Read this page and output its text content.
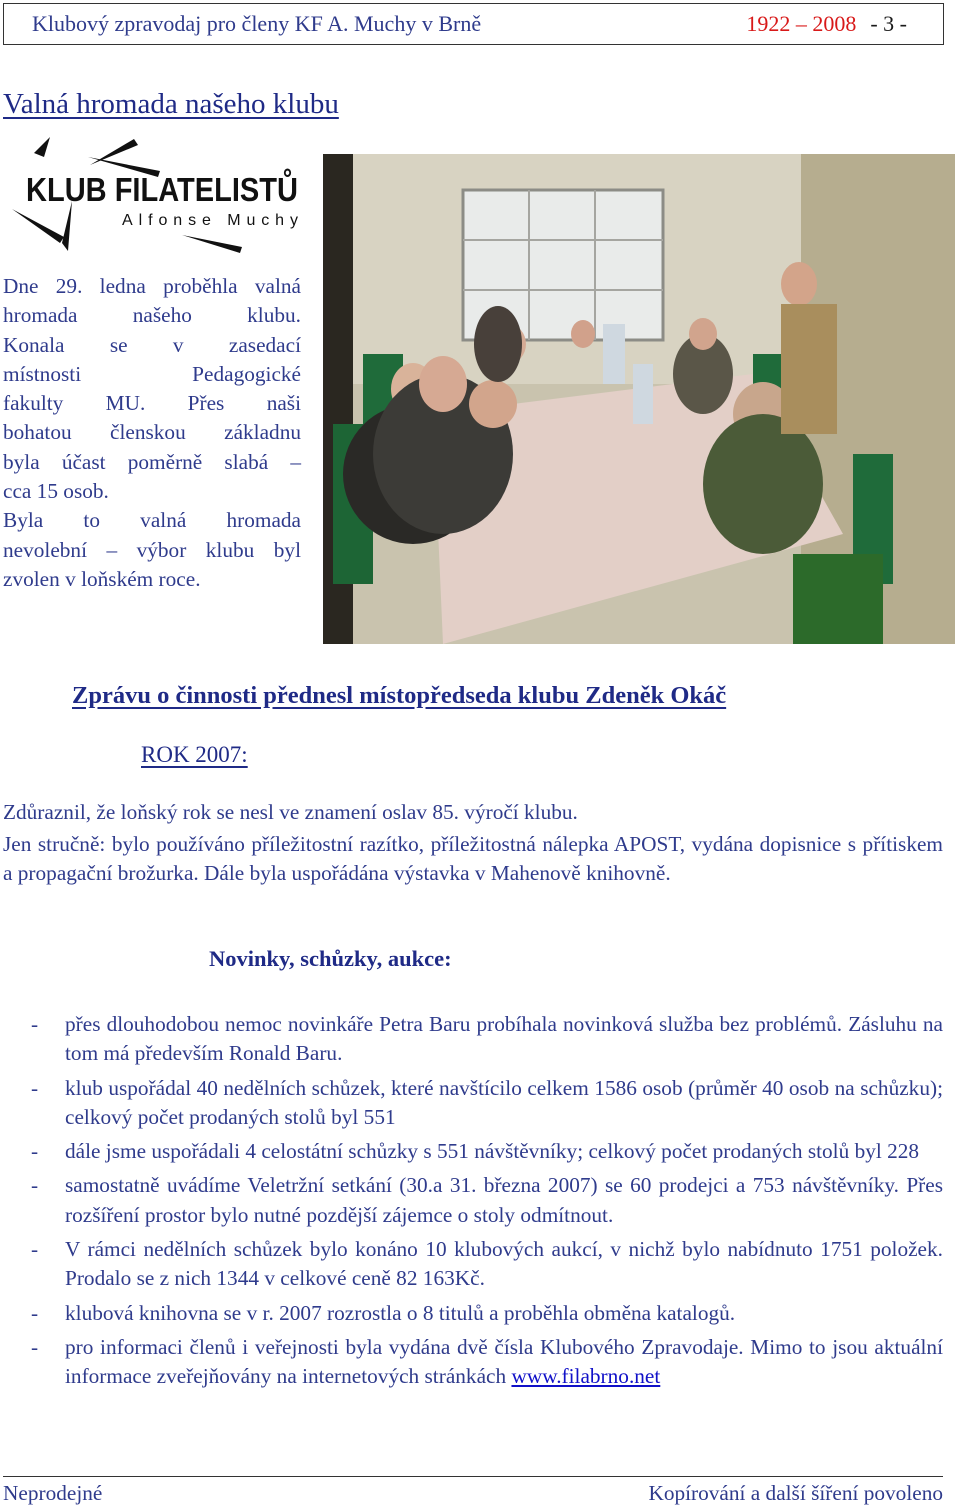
Klubový zpravodaj pro členy KF A. Muchy v Brně	1922 – 2008 - 3 -
Valná hromada našeho klubu
KLUB FILATELISTŮ
Alfonse Muchy
Dne 29. ledna proběhla valná
hromada našeho klubu.
Konala se v zasedací
místnosti Pedagogické
fakulty MU. Přes naši
bohatou členskou základnu
byla účast poměrně slabá –
cca 15 osob.
Byla to valná hromada
nevolební – výbor klubu byl
zvolen v loňském roce.
Zprávu o činnosti přednesl místopředseda klubu Zdeněk Okáč
ROK 2007:
Zdůraznil, že loňský rok se nesl ve znamení oslav 85. výročí klubu.
Jen stručně: bylo používáno příležitostní razítko, příležitostná nálepka APOST, vydána dopisnice s přítiskem a propagační brožurka. Dále byla uspořádána výstavka v Mahenově knihovně.
Novinky, schůzky, aukce:
- přes dlouhodobou nemoc novinkáře Petra Baru probíhala novinková služba bez problémů. Zásluhu na tom má především Ronald Baru.
- klub uspořádal 40 nedělních schůzek, které navštícilo celkem 1586 osob (průměr 40 osob na schůzku); celkový počet prodaných stolů byl 551
- dále jsme uspořádali 4 celostátní schůzky s 551 návštěvníky; celkový počet prodaných stolů byl 228
- samostatně uvádíme Veletržní setkání (30.a 31. března 2007) se 60 prodejci a 753 návštěvníky. Přes rozšíření prostor bylo nutné pozdější zájemce o stoly odmítnout.
- V rámci nedělních schůzek bylo konáno 10 klubových aukcí, v nichž bylo nabídnuto 1751 položek. Prodalo se z nich 1344 v celkové ceně 82 163Kč.
- klubová knihovna se v r. 2007 rozrostla o 8 titulů a proběhla obměna katalogů.
- pro informaci členů i veřejnosti byla vydána dvě čísla Klubového Zpravodaje. Mimo to jsou aktuální informace zveřejňovány na internetových stránkách www.filabrno.net
Neprodejné	Kopírování a další šíření povoleno
